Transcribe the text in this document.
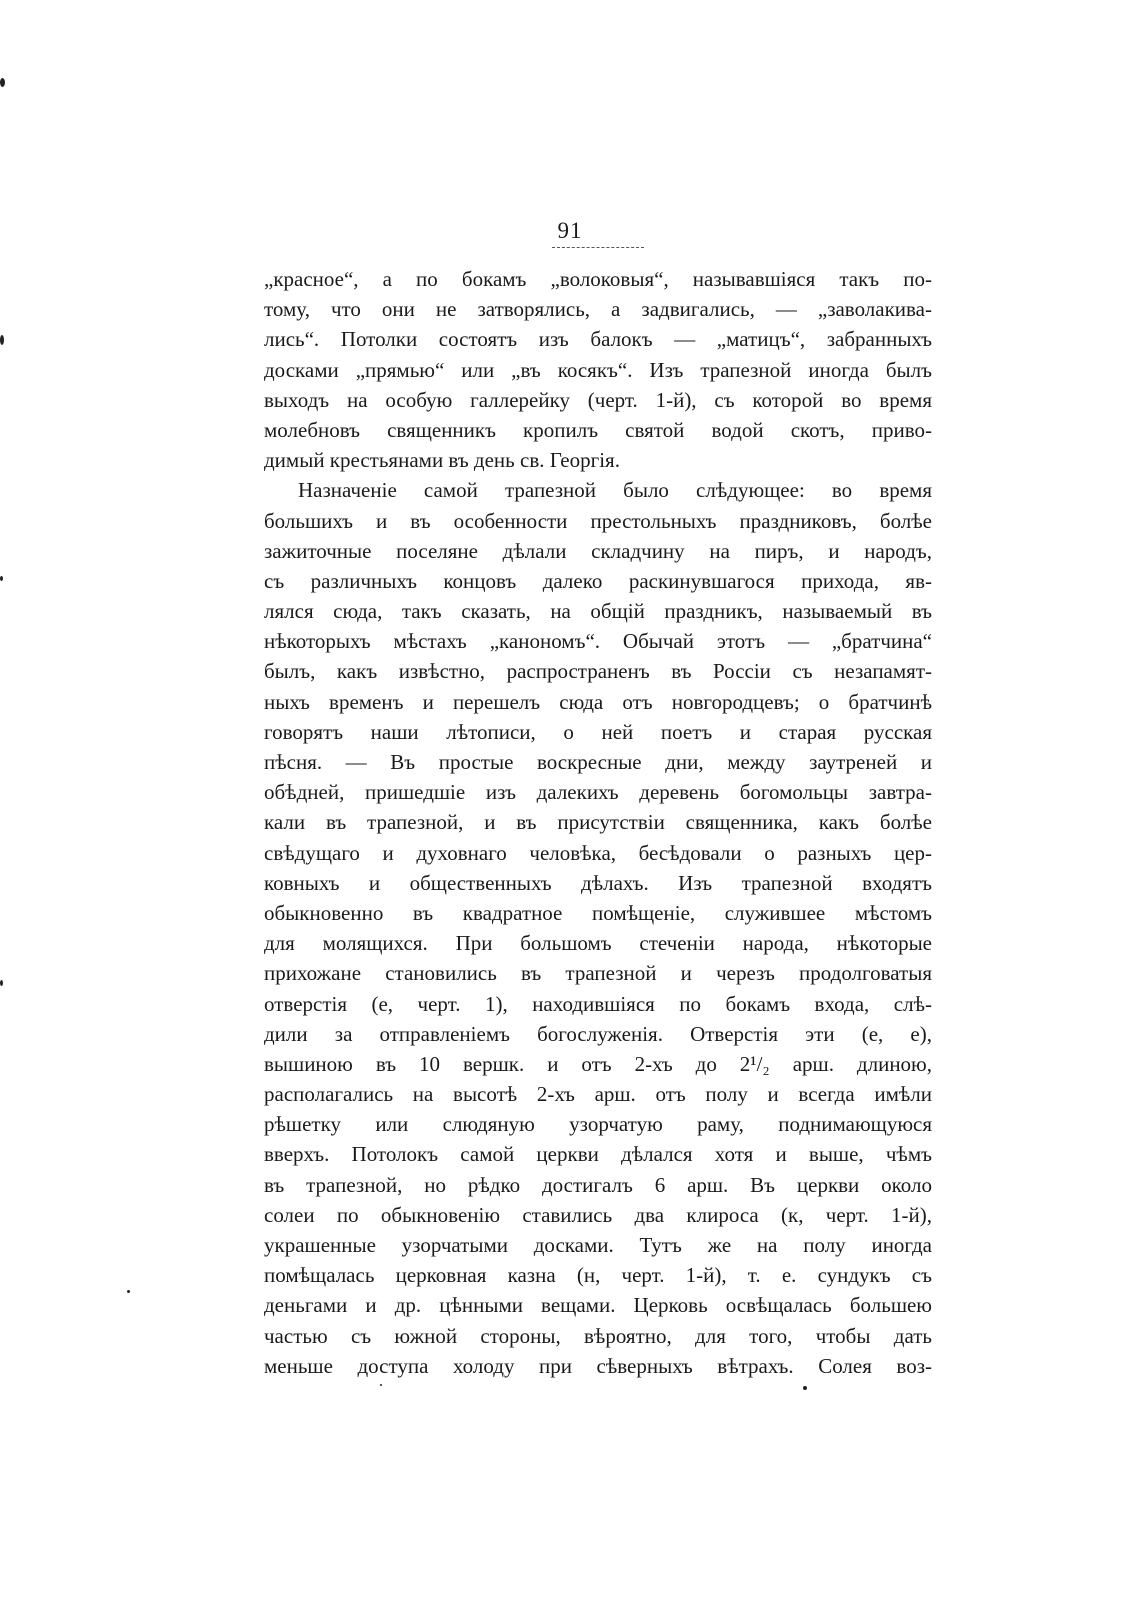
91
„красное“, а по бокамъ „волоковыя“, называвшіяся такъ по-
тому, что они не затворялись, а задвигались, — „заволакива-
лись“. Потолки состоятъ изъ балокъ — „матицъ“, забранныхъ
досками „прямью“ или „въ косякъ“. Изъ трапезной иногда былъ
выходъ на особую галлерейку (черт. 1-й), съ которой во время
молебновъ священникъ кропилъ святой водой скотъ, приво-
димый крестьянами въ день св. Георгія.
Назначеніе самой трапезной было слѣдующее: во время
большихъ и въ особенности престольныхъ праздниковъ, болѣе
зажиточные поселяне дѣлали складчину на пиръ, и народъ,
съ различныхъ концовъ далеко раскинувшагося прихода, яв-
лялся сюда, такъ сказать, на общій праздникъ, называемый въ
нѣкоторыхъ мѣстахъ „канономъ“. Обычай этотъ — „братчина“
былъ, какъ извѣстно, распространенъ въ Россіи съ незапамят-
ныхъ временъ и перешелъ сюда отъ новгородцевъ; о братчинѣ
говорятъ наши лѣтописи, о ней поетъ и старая русская
пѣсня. — Въ простые воскресные дни, между заутреней и
обѣдней, пришедшіе изъ далекихъ деревень богомольцы завтра-
кали въ трапезной, и въ присутствіи священника, какъ болѣе
свѣдущаго и духовнаго человѣка, бесѣдовали о разныхъ цер-
ковныхъ и общественныхъ дѣлахъ. Изъ трапезной входятъ
обыкновенно въ квадратное помѣщеніе, служившее мѣстомъ
для молящихся. При большомъ стеченіи народа, нѣкоторые
прихожане становились въ трапезной и черезъ продолговатыя
отверстія (е, черт. 1), находившіяся по бокамъ входа, слѣ-
дили за отправленіемъ богослуженія. Отверстія эти (е, е),
вышиною въ 10 вершк. и отъ 2-хъ до 2¹/₂ арш. длиною,
располагались на высотѣ 2-хъ арш. отъ полу и всегда имѣли
рѣшетку или слюдяную узорчатую раму, поднимающуюся
вверхъ. Потолокъ самой церкви дѣлался хотя и выше, чѣмъ
въ трапезной, но рѣдко достигалъ 6 арш. Въ церкви около
солеи по обыкновенію ставились два клироса (к, черт. 1-й),
украшенные узорчатыми досками. Тутъ же на полу иногда
помѣщалась церковная казна (н, черт. 1-й), т. е. сундукъ съ
деньгами и др. цѣнными вещами. Церковь освѣщалась большею
частью съ южной стороны, вѣроятно, для того, чтобы дать
меньше доступа холоду при сѣверныхъ вѣтрахъ. Солея воз-
